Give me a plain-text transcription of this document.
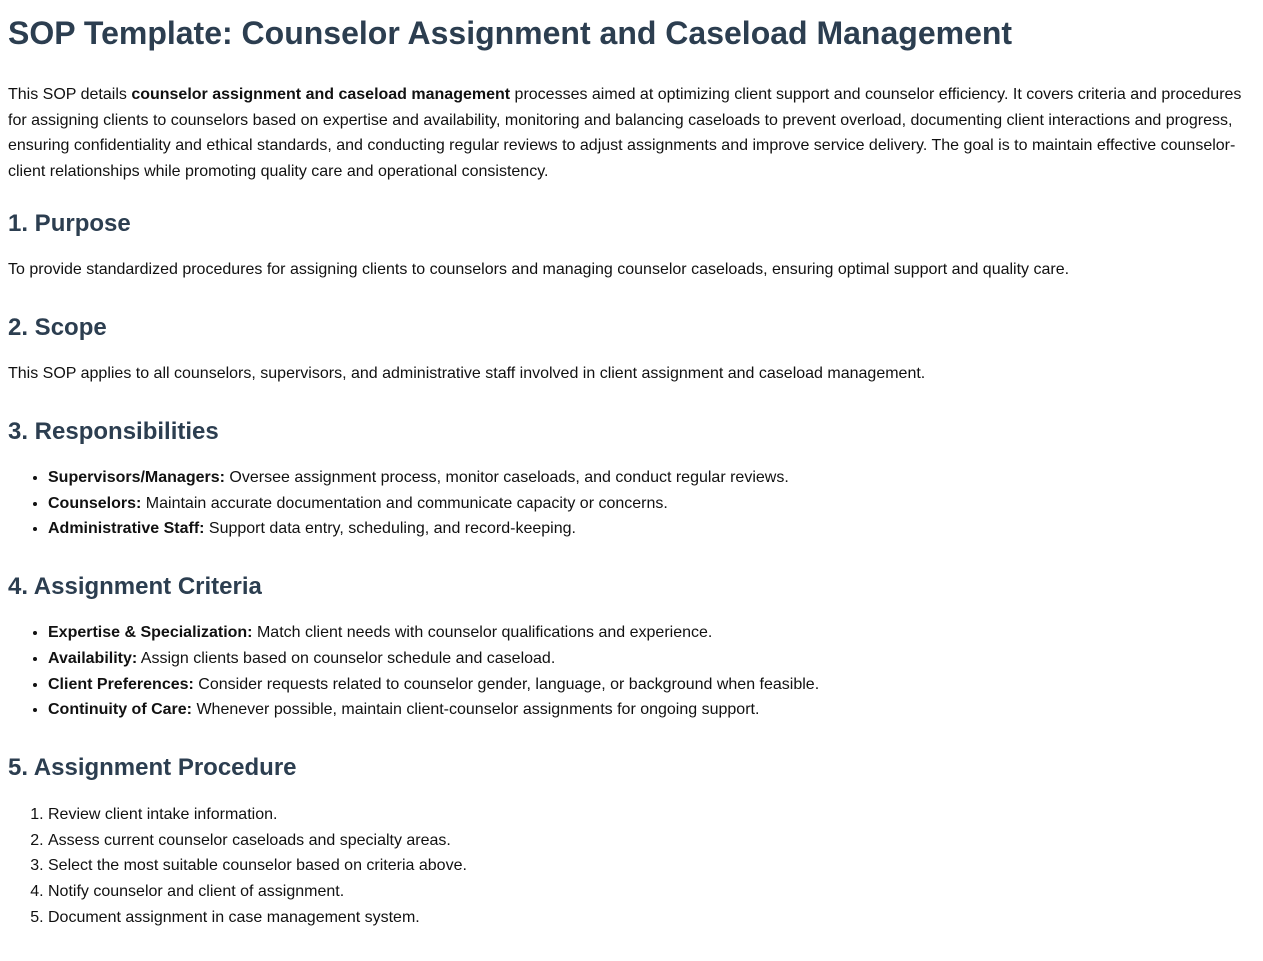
SOP Template: Counselor Assignment and Caseload Management

This SOP details counselor assignment and caseload management processes aimed at optimizing client support and counselor efficiency. It covers criteria and procedures for assigning clients to counselors based on expertise and availability, monitoring and balancing caseloads to prevent overload, documenting client interactions and progress, ensuring confidentiality and ethical standards, and conducting regular reviews to adjust assignments and improve service delivery. The goal is to maintain effective counselor-client relationships while promoting quality care and operational consistency.

1. Purpose

To provide standardized procedures for assigning clients to counselors and managing counselor caseloads, ensuring optimal support and quality care.

2. Scope

This SOP applies to all counselors, supervisors, and administrative staff involved in client assignment and caseload management.

3. Responsibilities
• Supervisors/Managers: Oversee assignment process, monitor caseloads, and conduct regular reviews.
• Counselors: Maintain accurate documentation and communicate capacity or concerns.
• Administrative Staff: Support data entry, scheduling, and record-keeping.
4. Assignment Criteria
• Expertise & Specialization: Match client needs with counselor qualifications and experience.
• Availability: Assign clients based on counselor schedule and caseload.
• Client Preferences: Consider requests related to counselor gender, language, or background when feasible.
• Continuity of Care: Whenever possible, maintain client-counselor assignments for ongoing support.
5. Assignment Procedure
1. Review client intake information.
2. Assess current counselor caseloads and specialty areas.
3. Select the most suitable counselor based on criteria above.
4. Notify counselor and client of assignment.
5. Document assignment in case management system.
